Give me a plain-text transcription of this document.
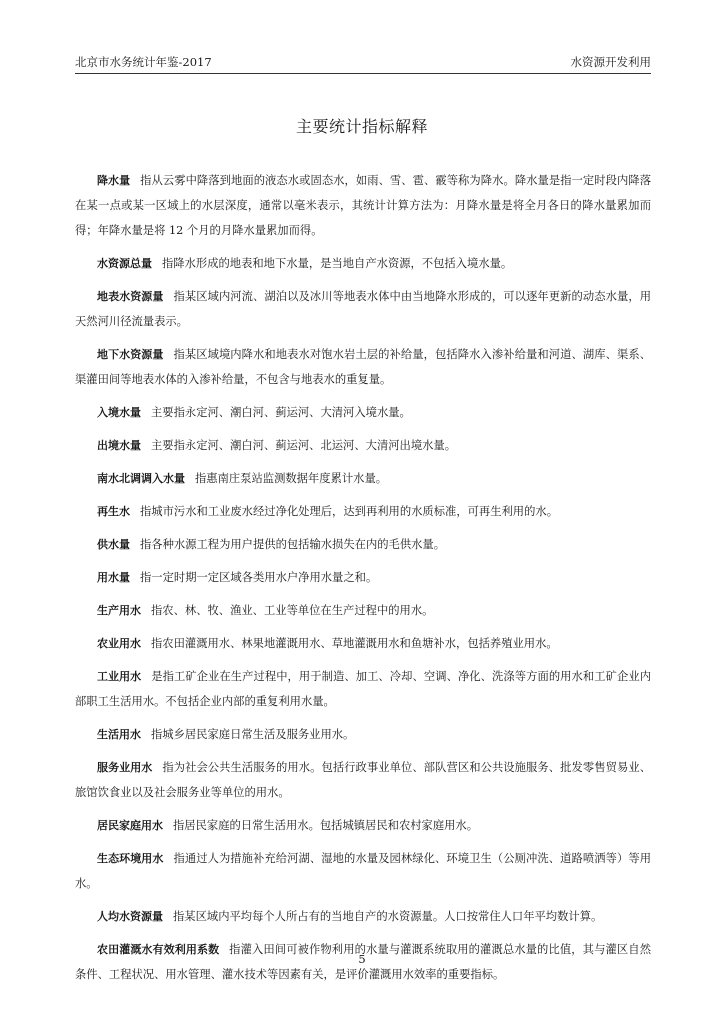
北京市水务统计年鉴-2017	水资源开发利用
主要统计指标解释

降水量 指从云雾中降落到地面的液态水或固态水，如雨、雪、雹、霰等称为降水。降水量是指一定时段内降落在某一点或某一区域上的水层深度，通常以毫米表示，其统计计算方法为：月降水量是将全月各日的降水量累加而得；年降水量是将 12 个月的月降水量累加而得。

水资源总量 指降水形成的地表和地下水量，是当地自产水资源，不包括入境水量。

地表水资源量 指某区域内河流、湖泊以及冰川等地表水体中由当地降水形成的，可以逐年更新的动态水量，用天然河川径流量表示。

地下水资源量 指某区域境内降水和地表水对饱水岩土层的补给量，包括降水入渗补给量和河道、湖库、渠系、渠灌田间等地表水体的入渗补给量，不包含与地表水的重复量。

入境水量 主要指永定河、潮白河、蓟运河、大清河入境水量。

出境水量 主要指永定河、潮白河、蓟运河、北运河、大清河出境水量。

南水北调调入水量 指惠南庄泵站监测数据年度累计水量。

再生水 指城市污水和工业废水经过净化处理后，达到再利用的水质标准，可再生利用的水。

供水量 指各种水源工程为用户提供的包括输水损失在内的毛供水量。

用水量 指一定时期一定区域各类用水户净用水量之和。

生产用水 指农、林、牧、渔业、工业等单位在生产过程中的用水。

农业用水 指农田灌溉用水、林果地灌溉用水、草地灌溉用水和鱼塘补水，包括养殖业用水。

工业用水 是指工矿企业在生产过程中，用于制造、加工、冷却、空调、净化、洗涤等方面的用水和工矿企业内部职工生活用水。不包括企业内部的重复利用水量。

生活用水 指城乡居民家庭日常生活及服务业用水。

服务业用水 指为社会公共生活服务的用水。包括行政事业单位、部队营区和公共设施服务、批发零售贸易业、旅馆饮食业以及社会服务业等单位的用水。

居民家庭用水 指居民家庭的日常生活用水。包括城镇居民和农村家庭用水。

生态环境用水 指通过人为措施补充给河湖、湿地的水量及园林绿化、环境卫生（公厕冲洗、道路喷洒等）等用水。

人均水资源量 指某区域内平均每个人所占有的当地自产的水资源量。人口按常住人口年平均数计算。

农田灌溉水有效利用系数 指灌入田间可被作物利用的水量与灌溉系统取用的灌溉总水量的比值，其与灌区自然条件、工程状况、用水管理、灌水技术等因素有关，是评价灌溉用水效率的重要指标。

5
